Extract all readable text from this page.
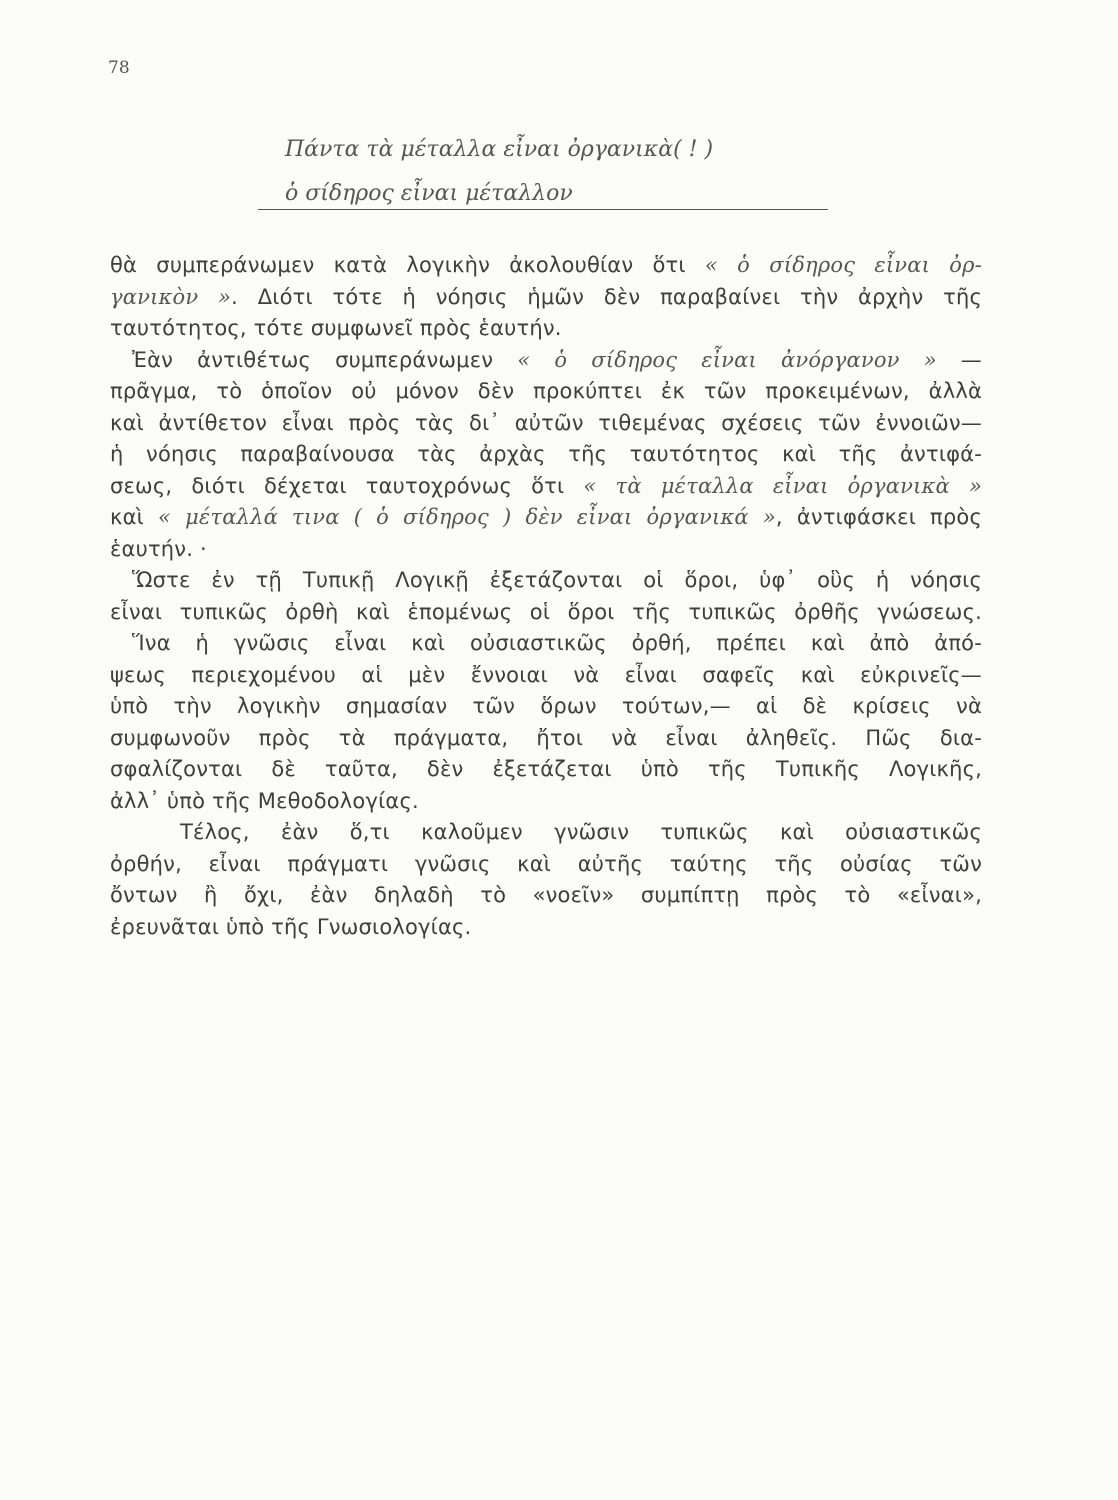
78
Πάντα τὰ μέταλλα εἶναι ὀργανικὰ( ! )
ὁ σίδηρος εἶναι μέταλλον
θὰ συμπεράνωμεν κατὰ λογικὴν ἀκολουθίαν ὅτι « ὁ σίδηρος εἶναι ὀρ-
γανικὸν ». Διότι τότε ἡ νόησις ἡμῶν δὲν παραβαίνει τὴν ἀρχὴν τῆς
ταυτότητος, τότε συμφωνεῖ πρὸς ἑαυτήν.
Ἐὰν ἀντιθέτως συμπεράνωμεν « ὁ σίδηρος εἶναι ἀνόργανον » —
πρᾶγμα, τὸ ὁποῖον οὐ μόνον δὲν προκύπτει ἐκ τῶν προκειμένων, ἀλλὰ
καὶ ἀντίθετον εἶναι πρὸς τὰς δι᾽ αὐτῶν τιθεμένας σχέσεις τῶν ἐννοιῶν—
ἡ νόησις παραβαίνουσα τὰς ἀρχὰς τῆς ταυτότητος καὶ τῆς ἀντιφά-
σεως, διότι δέχεται ταυτοχρόνως ὅτι « τὰ μέταλλα εἶναι ὀργανικὰ »
καὶ « μέταλλά τινα ( ὁ σίδηρος ) δὲν εἶναι ὀργανικά », ἀντιφάσκει πρὸς
ἑαυτήν. ·
Ὥστε ἐν τῇ Τυπικῇ Λογικῇ ἐξετάζονται οἱ ὅροι, ὑφ᾽ οὓς ἡ νόησις
εἶναι τυπικῶς ὀρθὴ καὶ ἑπομένως οἱ ὅροι τῆς τυπικῶς ὀρθῆς γνώσεως.
Ἵνα ἡ γνῶσις εἶναι καὶ οὐσιαστικῶς ὀρθή, πρέπει καὶ ἀπὸ ἀπό-
ψεως περιεχομένου αἱ μὲν ἔννοιαι νὰ εἶναι σαφεῖς καὶ εὐκρινεῖς—
ὑπὸ τὴν λογικὴν σημασίαν τῶν ὅρων τούτων,— αἱ δὲ κρίσεις νὰ
συμφωνοῦν πρὸς τὰ πράγματα, ἤτοι νὰ εἶναι ἀληθεῖς. Πῶς δια-
σφαλίζονται δὲ ταῦτα, δὲν ἐξετάζεται ὑπὸ τῆς Τυπικῆς Λογικῆς,
ἀλλ᾽ ὑπὸ τῆς Μεθοδολογίας.
Τέλος, ἐὰν ὅ,τι καλοῦμεν γνῶσιν τυπικῶς καὶ οὐσιαστικῶς
ὀρθήν, εἶναι πράγματι γνῶσις καὶ αὐτῆς ταύτης τῆς οὐσίας τῶν
ὄντων ἢ ὄχι, ἐὰν δηλαδὴ τὸ «νοεῖν» συμπίπτῃ πρὸς τὸ «εἶναι»,
ἐρευνᾶται ὑπὸ τῆς Γνωσιολογίας.
